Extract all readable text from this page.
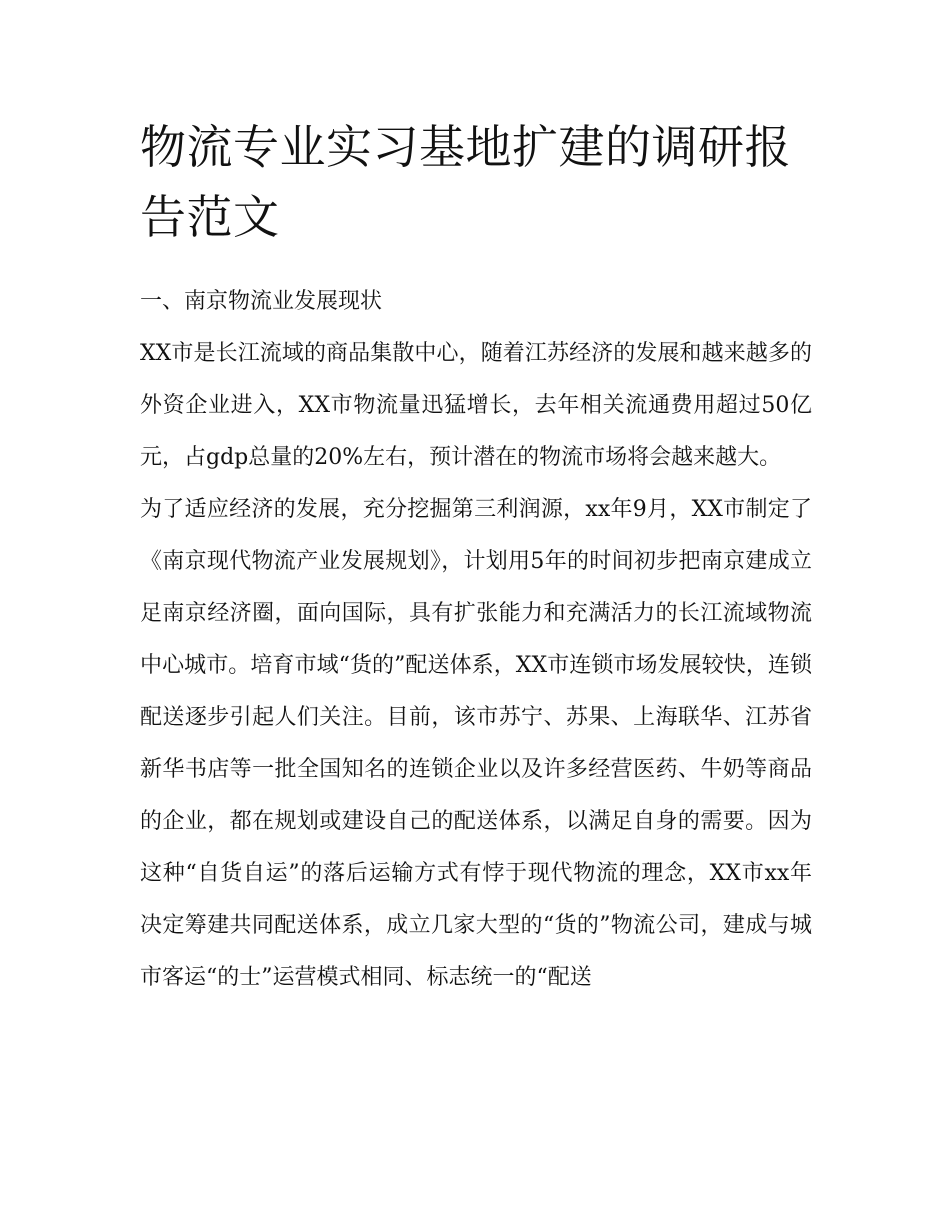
物流专业实习基地扩建的调研报告范文

一、南京物流业发展现状

XX市是长江流域的商品集散中心，随着江苏经济的发展和越来越多的外资企业进入，XX市物流量迅猛增长，去年相关流通费用超过50亿元，占gdp总量的20%左右，预计潜在的物流市场将会越来越大。

为了适应经济的发展，充分挖掘第三利润源，xx年9月，XX市制定了《南京现代物流产业发展规划》，计划用5年的时间初步把南京建成立足南京经济圈，面向国际，具有扩张能力和充满活力的长江流域物流中心城市。培育市域“货的”配送体系，XX市连锁市场发展较快，连锁配送逐步引起人们关注。目前，该市苏宁、苏果、上海联华、江苏省新华书店等一批全国知名的连锁企业以及许多经营医药、牛奶等商品的企业，都在规划或建设自己的配送体系，以满足自身的需要。因为这种“自货自运”的落后运输方式有悖于现代物流的理念，XX市xx年决定筹建共同配送体系，成立几家大型的“货的”物流公司，建成与城市客运“的士”运营模式相同、标志统一的“配送
